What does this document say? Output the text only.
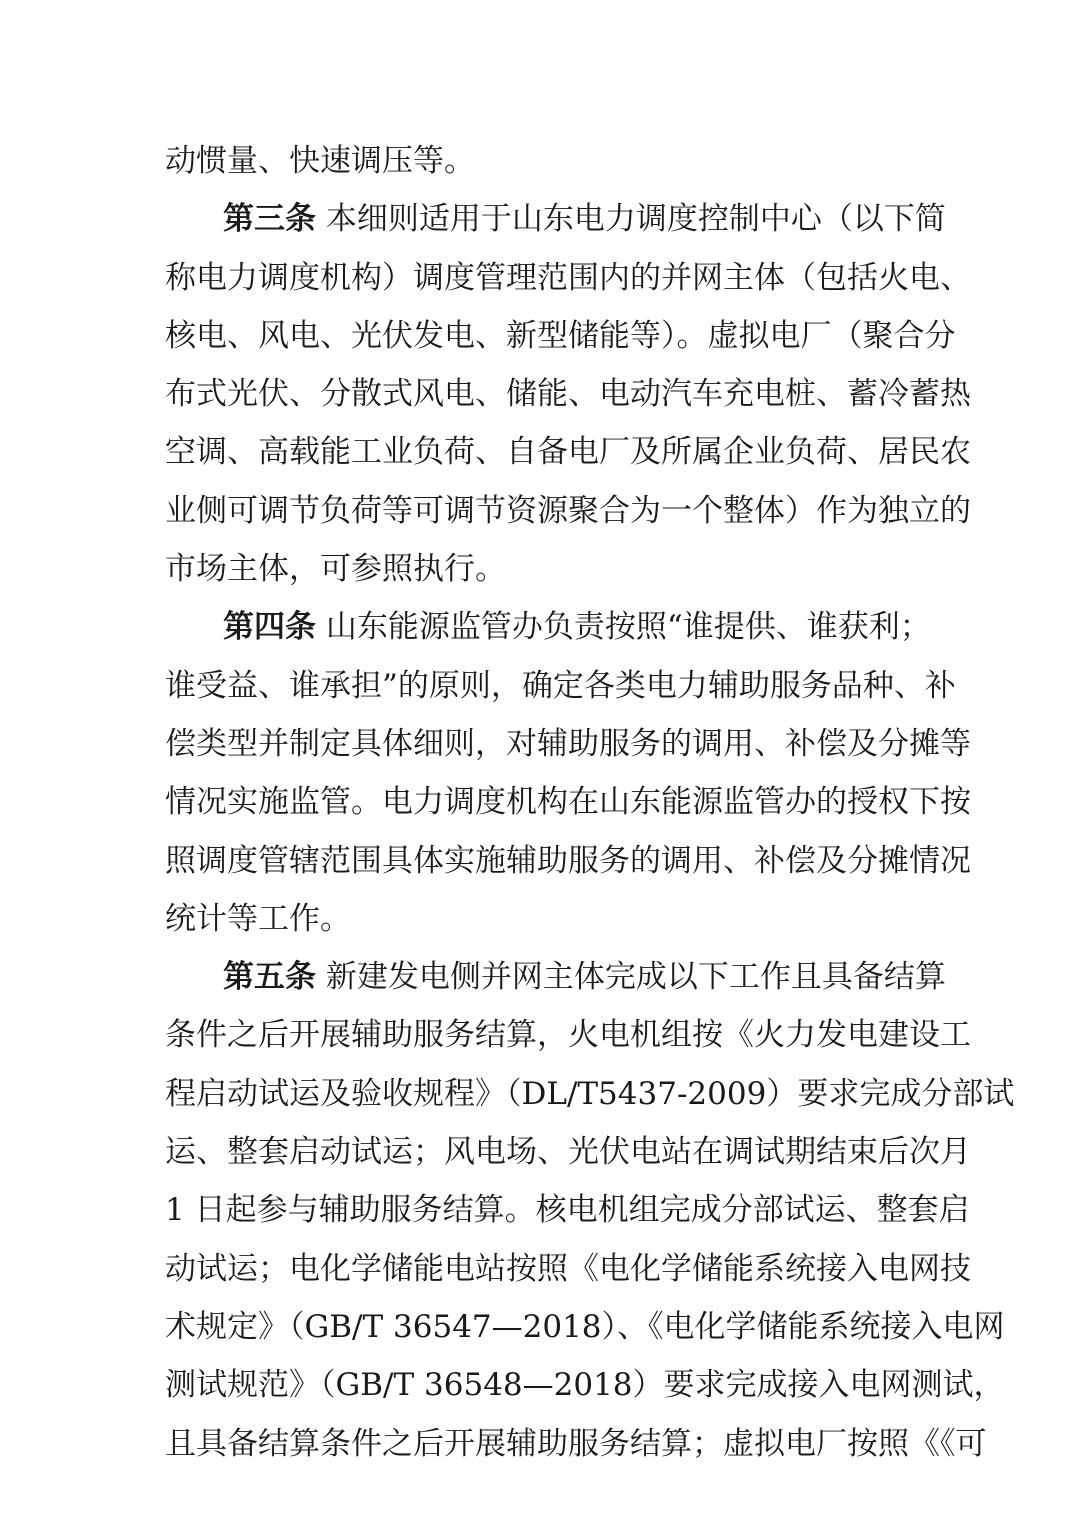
动惯量、快速调压等。
第三条 本细则适用于山东电力调度控制中心（以下简
称电力调度机构）调度管理范围内的并网主体（包括火电、
核电、风电、光伏发电、新型储能等）。虚拟电厂（聚合分
布式光伏、分散式风电、储能、电动汽车充电桩、蓄冷蓄热
空调、高载能工业负荷、自备电厂及所属企业负荷、居民农
业侧可调节负荷等可调节资源聚合为一个整体）作为独立的
市场主体，可参照执行。
第四条 山东能源监管办负责按照“谁提供、谁获利；
谁受益、谁承担”的原则，确定各类电力辅助服务品种、补
偿类型并制定具体细则，对辅助服务的调用、补偿及分摊等
情况实施监管。电力调度机构在山东能源监管办的授权下按
照调度管辖范围具体实施辅助服务的调用、补偿及分摊情况
统计等工作。
第五条 新建发电侧并网主体完成以下工作且具备结算
条件之后开展辅助服务结算，火电机组按《火力发电建设工
程启动试运及验收规程》（DL/T5437-2009）要求完成分部试
运、整套启动试运；风电场、光伏电站在调试期结束后次月
1 日起参与辅助服务结算。核电机组完成分部试运、整套启
动试运；电化学储能电站按照《电化学储能系统接入电网技
术规定》（GB/T 36547—2018）、《电化学储能系统接入电网
测试规范》（GB/T 36548—2018）要求完成接入电网测试，
且具备结算条件之后开展辅助服务结算；虚拟电厂按照《《可
